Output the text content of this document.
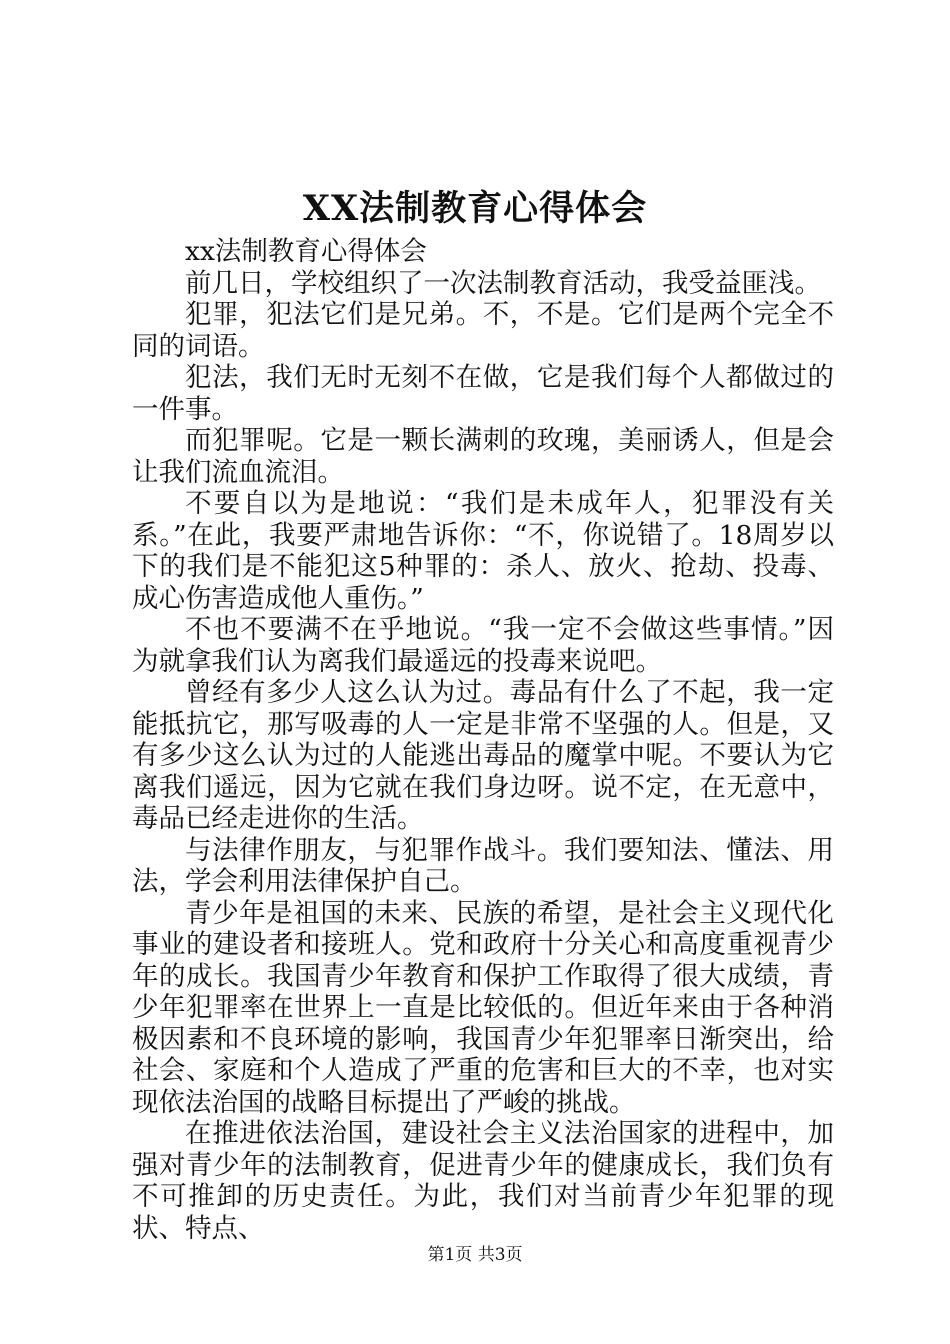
XX法制教育心得体会

xx法制教育心得体会

前几日，学校组织了一次法制教育活动，我受益匪浅。

犯罪，犯法它们是兄弟。不，不是。它们是两个完全不同的词语。

犯法，我们无时无刻不在做，它是我们每个人都做过的一件事。

而犯罪呢。它是一颗长满刺的玫瑰，美丽诱人，但是会让我们流血流泪。

不要自以为是地说：“我们是未成年人，犯罪没有关系。”在此，我要严肃地告诉你：“不，你说错了。18周岁以下的我们是不能犯这5种罪的：杀人、放火、抢劫、投毒、成心伤害造成他人重伤。”

不也不要满不在乎地说。“我一定不会做这些事情。”因为就拿我们认为离我们最遥远的投毒来说吧。

曾经有多少人这么认为过。毒品有什么了不起，我一定能抵抗它，那写吸毒的人一定是非常不坚强的人。但是，又有多少这么认为过的人能逃出毒品的魔掌中呢。不要认为它离我们遥远，因为它就在我们身边呀。说不定，在无意中，毒品已经走进你的生活。

与法律作朋友，与犯罪作战斗。我们要知法、懂法、用法，学会利用法律保护自己。

青少年是祖国的未来、民族的希望，是社会主义现代化事业的建设者和接班人。党和政府十分关心和高度重视青少年的成长。我国青少年教育和保护工作取得了很大成绩，青少年犯罪率在世界上一直是比较低的。但近年来由于各种消极因素和不良环境的影响，我国青少年犯罪率日渐突出，给社会、家庭和个人造成了严重的危害和巨大的不幸，也对实现依法治国的战略目标提出了严峻的挑战。

在推进依法治国，建设社会主义法治国家的进程中，加强对青少年的法制教育，促进青少年的健康成长，我们负有不可推卸的历史责任。为此，我们对当前青少年犯罪的现状、特点、

第1页 共3页
